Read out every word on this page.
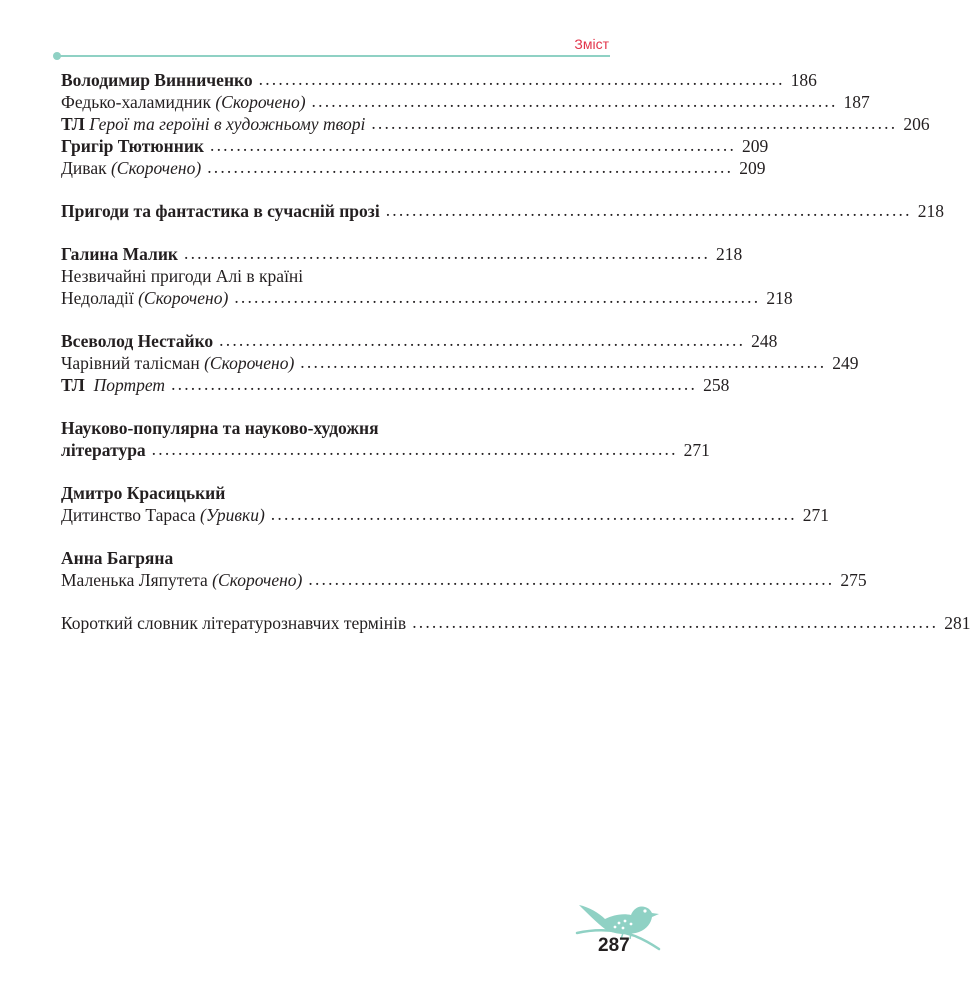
Зміст
Володимир Винниченко ................................................................................ 186
Федько-халамидник (Скорочено) ................................................................................ 187
ТЛ Герої та героїні в художньому творі ................................................................................ 206
Григір Тютюнник ................................................................................ 209
Дивак (Скорочено) ................................................................................ 209
Пригоди та фантастика в сучасній прозі ................................................................................ 218
Галина Малик ................................................................................ 218
Незвичайні пригоди Алі в країні
Недоладії (Скорочено) ................................................................................ 218
Всеволод Нестайко ................................................................................ 248
Чарівний талісман (Скорочено) ................................................................................ 249
ТЛ Портрет ................................................................................ 258
Науково-популярна та науково-художня
література ................................................................................ 271
Дмитро Красицький
Дитинство Тараса (Уривки) ................................................................................ 271
Анна Багряна
Маленька Ляпутета (Скорочено) ................................................................................ 275
Короткий словник літературознавчих термінів ................................................................................ 281
287
